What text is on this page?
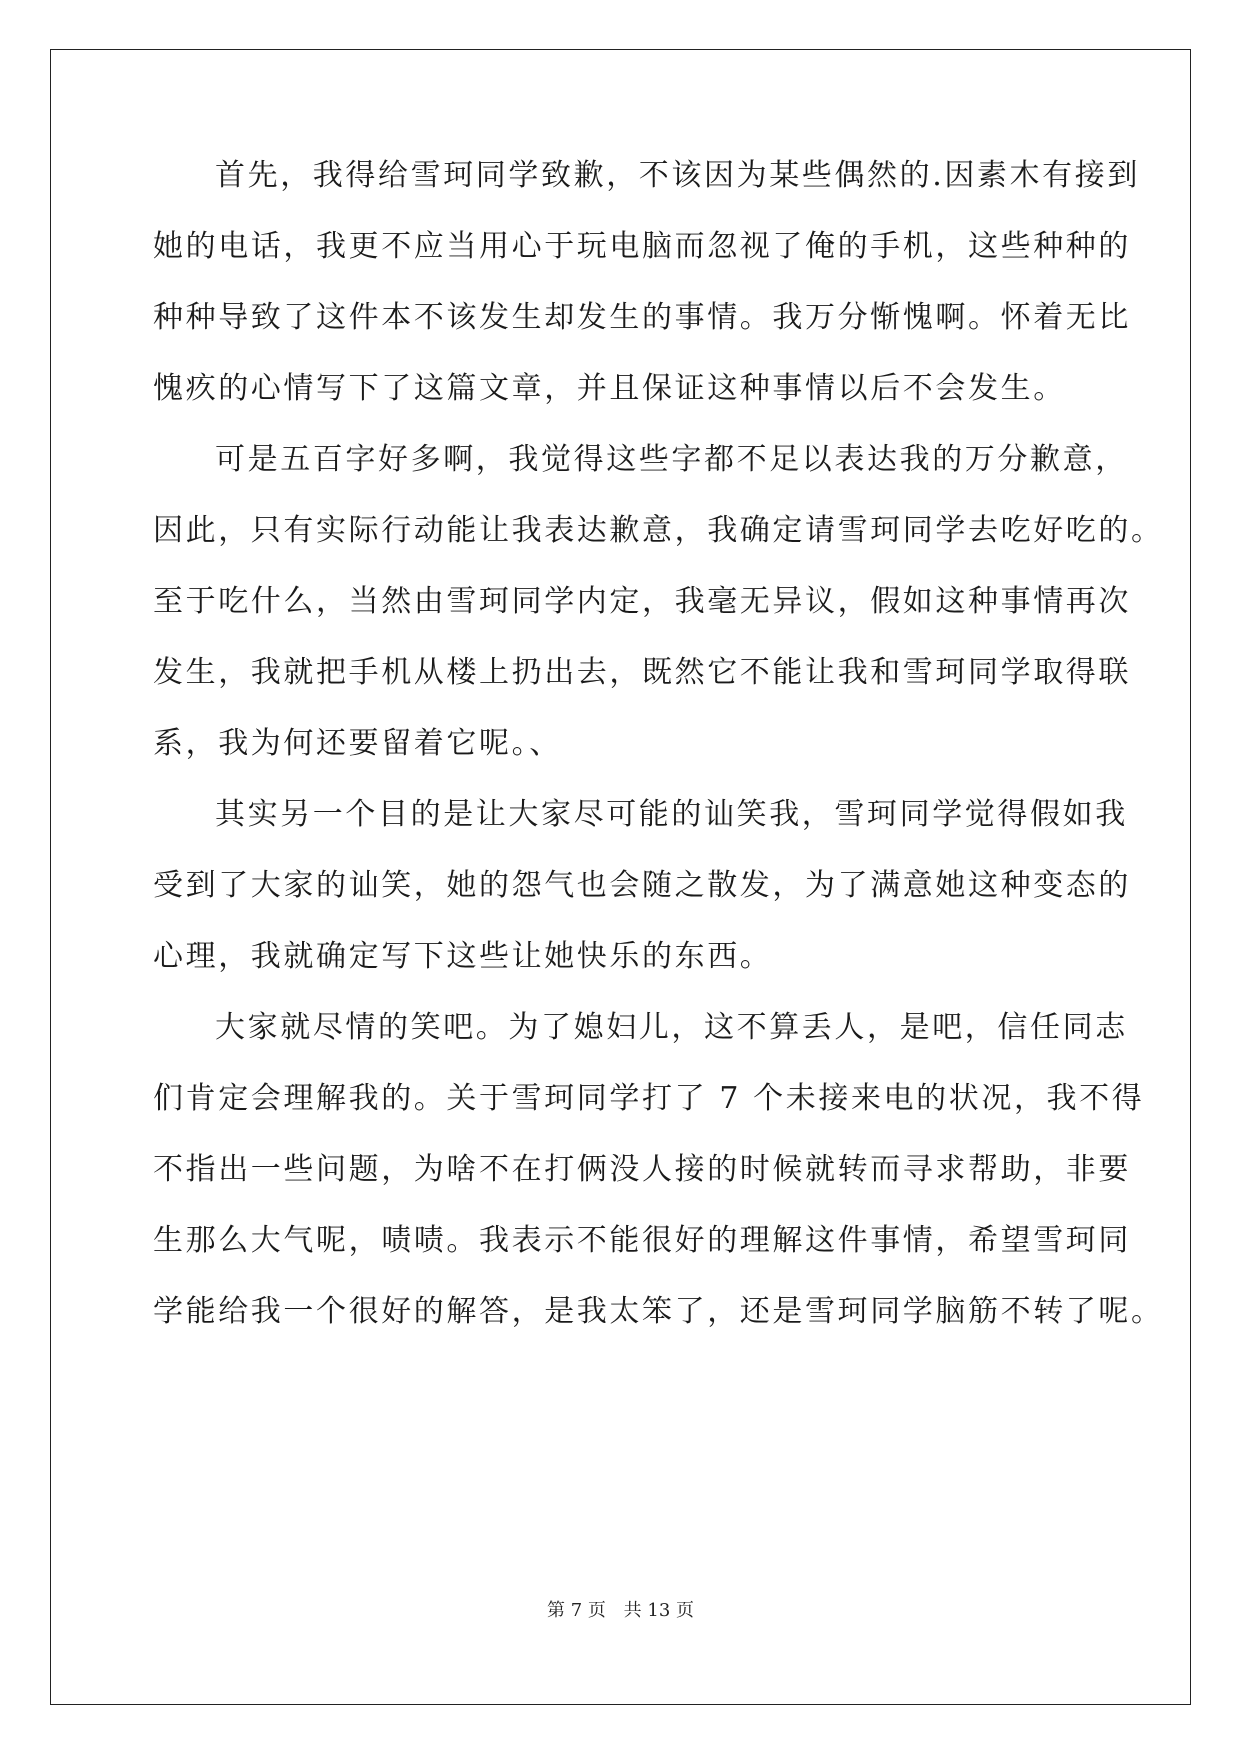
首先，我得给雪珂同学致歉，不该因为某些偶然的.因素木有接到
她的电话，我更不应当用心于玩电脑而忽视了俺的手机，这些种种的
种种导致了这件本不该发生却发生的事情。我万分惭愧啊。怀着无比
愧疚的心情写下了这篇文章，并且保证这种事情以后不会发生。
可是五百字好多啊，我觉得这些字都不足以表达我的万分歉意，
因此，只有实际行动能让我表达歉意，我确定请雪珂同学去吃好吃的。
至于吃什么，当然由雪珂同学内定，我毫无异议，假如这种事情再次
发生，我就把手机从楼上扔出去，既然它不能让我和雪珂同学取得联
系，我为何还要留着它呢。、
其实另一个目的是让大家尽可能的讪笑我，雪珂同学觉得假如我
受到了大家的讪笑，她的怨气也会随之散发，为了满意她这种变态的
心理，我就确定写下这些让她快乐的东西。
大家就尽情的笑吧。为了媳妇儿，这不算丢人，是吧，信任同志
们肯定会理解我的。关于雪珂同学打了 7 个未接来电的状况，我不得
不指出一些问题，为啥不在打俩没人接的时候就转而寻求帮助，非要
生那么大气呢，啧啧。我表示不能很好的理解这件事情，希望雪珂同
学能给我一个很好的解答，是我太笨了，还是雪珂同学脑筋不转了呢。
第 7 页 共 13 页
